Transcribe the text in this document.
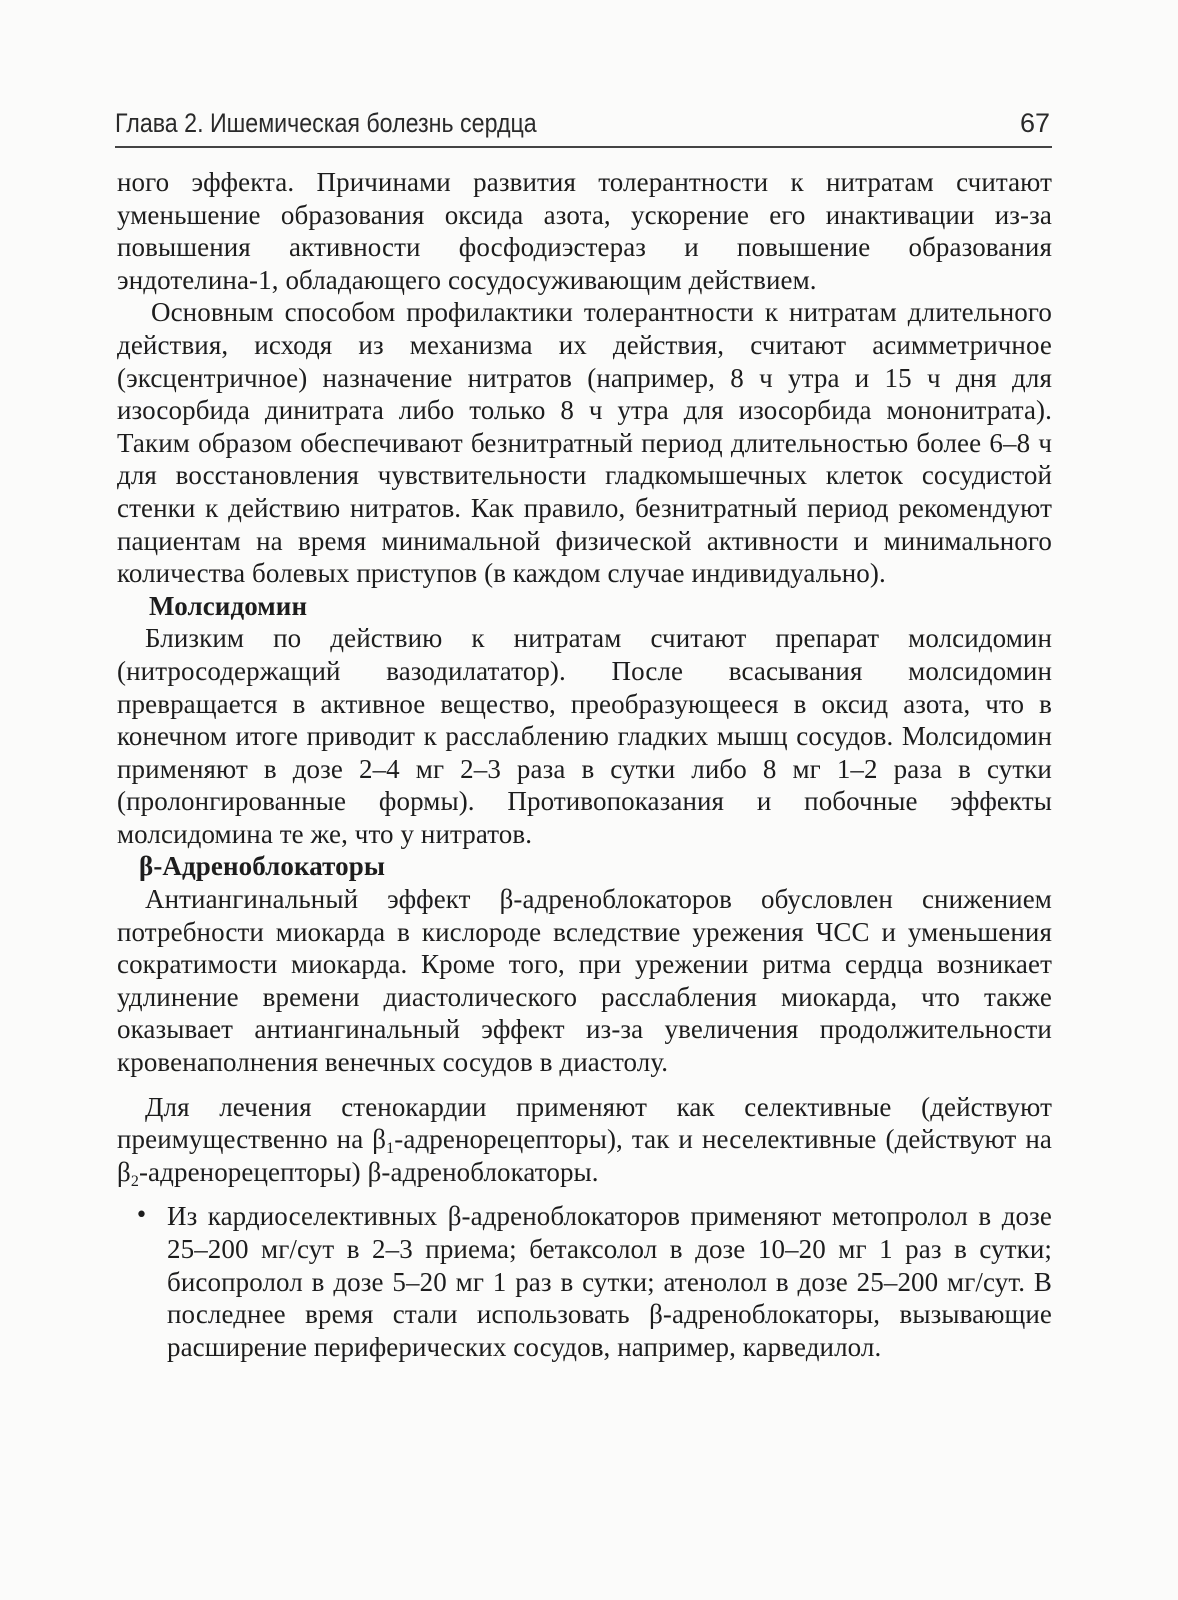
Глава 2. Ишемическая болезнь сердца	67

ного эффекта. Причинами развития толерантности к нитратам считают уменьшение образования оксида азота, ускорение его инактивации из-за повышения активности фосфодиэстераз и повышение образования эндотелина-1, обладающего сосудосуживающим действием.

Основным способом профилактики толерантности к нитратам длительного действия, исходя из механизма их действия, считают асимметричное (эксцентричное) назначение нитратов (например, 8 ч утра и 15 ч дня для изосорбида динитрата либо только 8 ч утра для изосорбида мононитрата). Таким образом обеспечивают безнитратный период длительностью более 6–8 ч для восстановления чувствительности гладкомышечных клеток сосудистой стенки к действию нитратов. Как правило, безнитратный период рекомендуют пациентам на время минимальной физической активности и минимального количества болевых приступов (в каждом случае индивидуально).

Молсидомин

Близким по действию к нитратам считают препарат молсидомин (нитросодержащий вазодилататор). После всасывания молсидомин превращается в активное вещество, преобразующееся в оксид азота, что в конечном итоге приводит к расслаблению гладких мышц сосудов. Молсидомин применяют в дозе 2–4 мг 2–3 раза в сутки либо 8 мг 1–2 раза в сутки (пролонгированные формы). Противопоказания и побочные эффекты молсидомина те же, что у нитратов.

β-Адреноблокаторы

Антиангинальный эффект β-адреноблокаторов обусловлен снижением потребности миокарда в кислороде вследствие урежения ЧСС и уменьшения сократимости миокарда. Кроме того, при урежении ритма сердца возникает удлинение времени диастолического расслабления миокарда, что также оказывает антиангинальный эффект из-за увеличения продолжительности кровенаполнения венечных сосудов в диастолу.

Для лечения стенокардии применяют как селективные (действуют преимущественно на $\beta_1-адренорецепторы$), так и неселективные (действуют на $\beta_2-адренорецепторы$) β-адреноблокаторы.

• Из кардиоселективных β-адреноблокаторов применяют метопролол в дозе 25–200 мг/сут в 2–3 приема; бетаксолол в дозе 10–20 мг 1 раз в сутки; бисопролол в дозе 5–20 мг 1 раз в сутки; атенолол в дозе 25–200 мг/сут. В последнее время стали использовать β-адреноблокаторы, вызывающие расширение периферических сосудов, например, карведилол.
